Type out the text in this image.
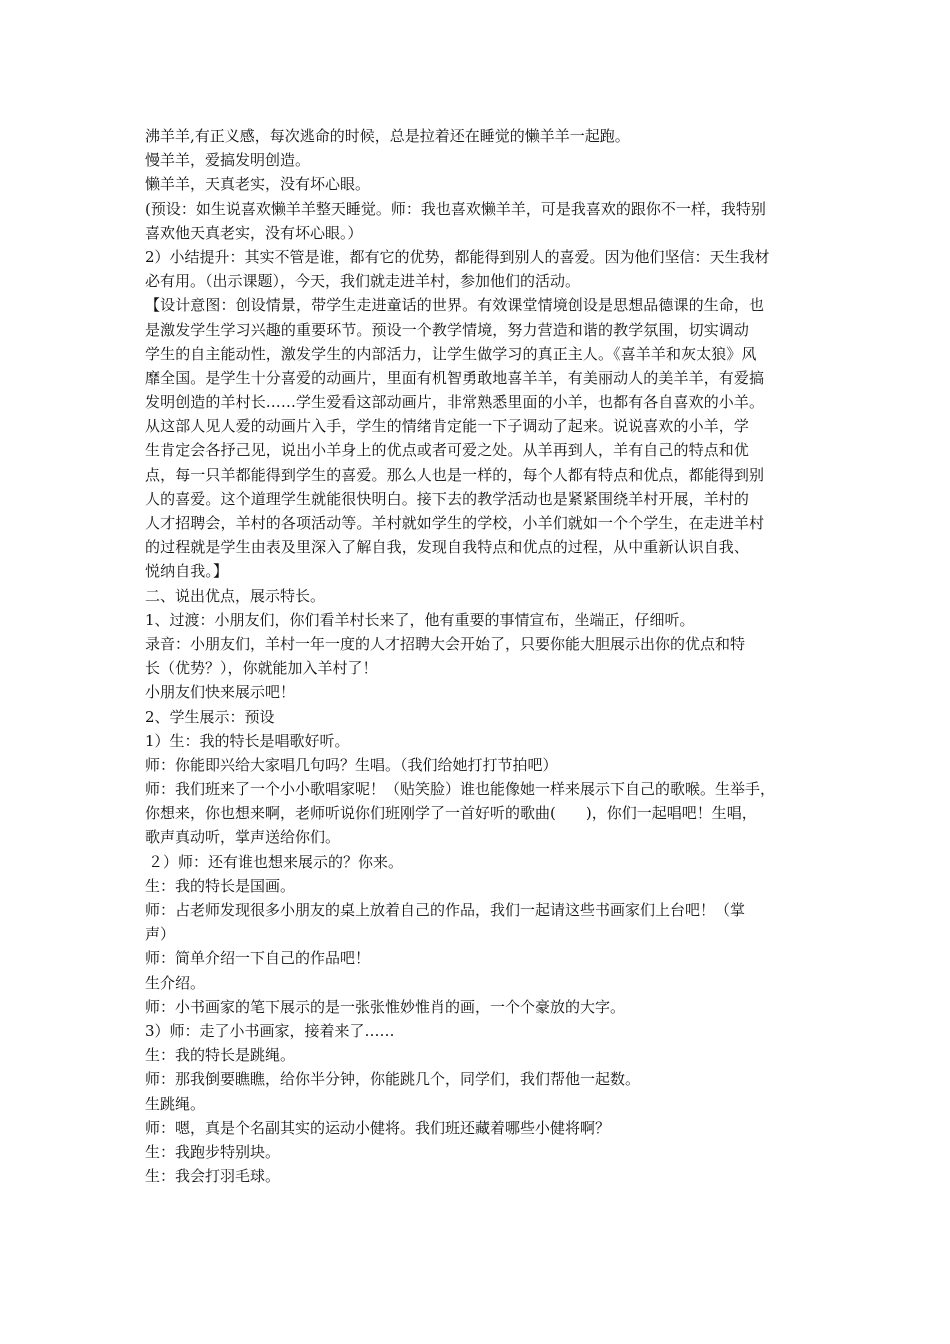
沸羊羊,有正义感，每次逃命的时候，总是拉着还在睡觉的懒羊羊一起跑。
慢羊羊，爱搞发明创造。
懒羊羊，天真老实，没有坏心眼。
(预设：如生说喜欢懒羊羊整天睡觉。师：我也喜欢懒羊羊，可是我喜欢的跟你不一样，我特别
喜欢他天真老实，没有坏心眼。）
2）小结提升：其实不管是谁，都有它的优势，都能得到别人的喜爱。因为他们坚信：天生我材
必有用。（出示课题），今天，我们就走进羊村，参加他们的活动。
【设计意图：创设情景，带学生走进童话的世界。有效课堂情境创设是思想品德课的生命，也
是激发学生学习兴趣的重要环节。预设一个教学情境，努力营造和谐的教学氛围，切实调动
学生的自主能动性，激发学生的内部活力，让学生做学习的真正主人。《喜羊羊和灰太狼》风
靡全国。是学生十分喜爱的动画片，里面有机智勇敢地喜羊羊，有美丽动人的美羊羊，有爱搞
发明创造的羊村长……学生爱看这部动画片，非常熟悉里面的小羊，也都有各自喜欢的小羊。
从这部人见人爱的动画片入手，学生的情绪肯定能一下子调动了起来。说说喜欢的小羊，学
生肯定会各抒己见，说出小羊身上的优点或者可爱之处。从羊再到人，羊有自己的特点和优
点，每一只羊都能得到学生的喜爱。那么人也是一样的，每个人都有特点和优点，都能得到别
人的喜爱。这个道理学生就能很快明白。接下去的教学活动也是紧紧围绕羊村开展，羊村的
人才招聘会，羊村的各项活动等。羊村就如学生的学校，小羊们就如一个个学生，在走进羊村
的过程就是学生由表及里深入了解自我，发现自我特点和优点的过程，从中重新认识自我、
悦纳自我。】
二、说出优点，展示特长。
1、过渡：小朋友们，你们看羊村长来了，他有重要的事情宣布，坐端正，仔细听。
录音：小朋友们，羊村一年一度的人才招聘大会开始了，只要你能大胆展示出你的优点和特
长（优势？），你就能加入羊村了！
小朋友们快来展示吧！
2、学生展示：预设
1）生：我的特长是唱歌好听。
师：你能即兴给大家唱几句吗？生唱。（我们给她打打节拍吧）
师：我们班来了一个小小歌唱家呢！（贴笑脸）谁也能像她一样来展示下自己的歌喉。生举手，
你想来，你也想来啊，老师听说你们班刚学了一首好听的歌曲(　　)，你们一起唱吧！生唱，
歌声真动听，掌声送给你们。
２）师：还有谁也想来展示的？你来。
生：我的特长是国画。
师：占老师发现很多小朋友的桌上放着自己的作品，我们一起请这些书画家们上台吧！（掌
声）
师：简单介绍一下自己的作品吧！
生介绍。
师：小书画家的笔下展示的是一张张惟妙惟肖的画，一个个豪放的大字。
3）师：走了小书画家，接着来了……
生：我的特长是跳绳。
师：那我倒要瞧瞧，给你半分钟，你能跳几个，同学们，我们帮他一起数。
生跳绳。
师：嗯，真是个名副其实的运动小健将。我们班还藏着哪些小健将啊？
生：我跑步特别块。
生：我会打羽毛球。
